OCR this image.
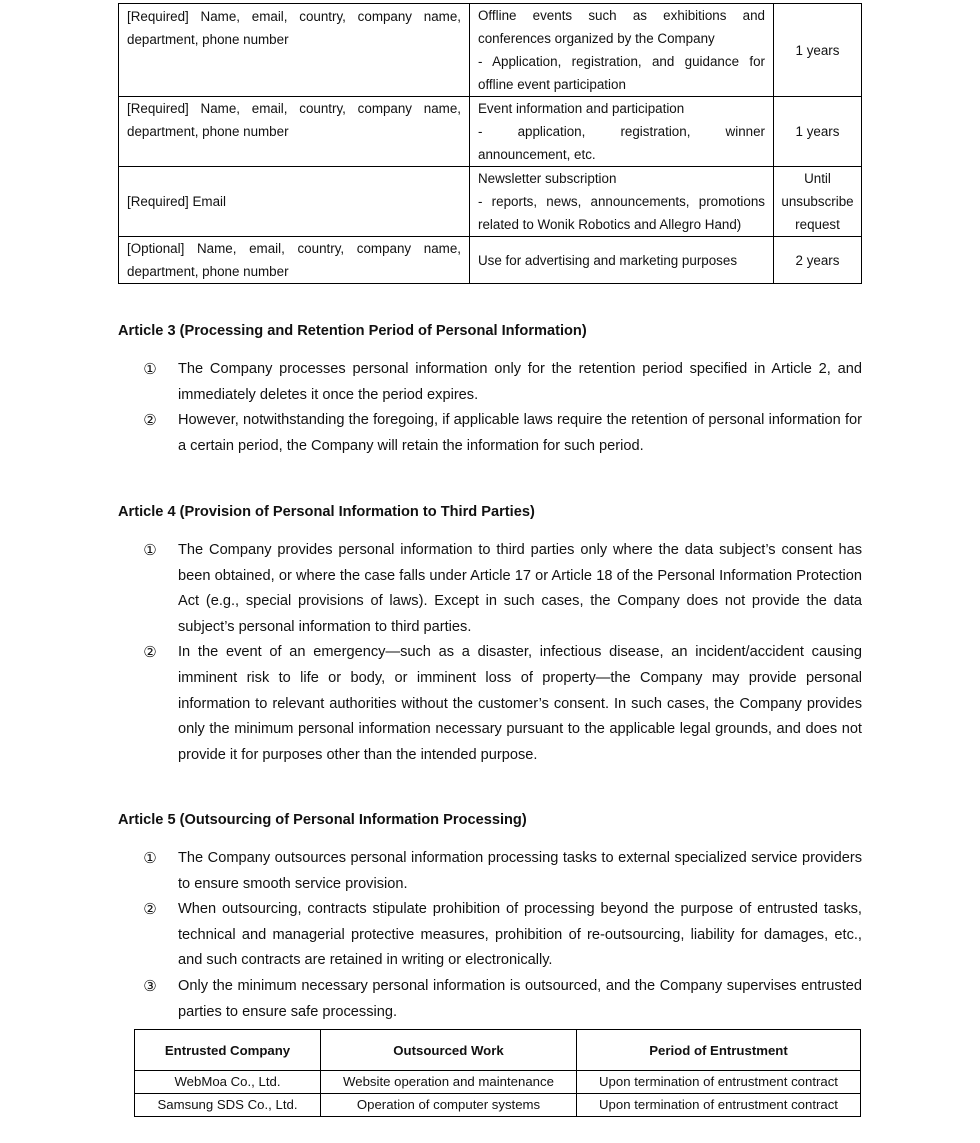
[Required] Name, email, country, company name, department, phone number	Offline events such as exhibitions and
conferences organized by the Company
- Application, registration, and guidance for
offline event participation	1 years
[Required] Name, email, country, company name, department, phone number	Event information and participation
- application, registration, winner
announcement, etc.	1 years
[Required] Email	Newsletter subscription
- reports, news, announcements, promotions
related to Wonik Robotics and Allegro Hand)	Until
unsubscribe
request

[Optional] Name, email, country, company name, department, phone number	Use for advertising and marketing purposes	2 years
Article 3 (Processing and Retention Period of Personal Information)
① The Company processes personal information only for the retention period specified in Article 2, and immediately deletes it once the period expires.
② However, notwithstanding the foregoing, if applicable laws require the retention of personal information for a certain period, the Company will retain the information for such period.
Article 4 (Provision of Personal Information to Third Parties)
① The Company provides personal information to third parties only where the data subject’s consent has been obtained, or where the case falls under Article 17 or Article 18 of the Personal Information Protection Act (e.g., special provisions of laws). Except in such cases, the Company does not provide the data subject’s personal information to third parties.
② In the event of an emergency—such as a disaster, infectious disease, an incident/accident causing imminent risk to life or body, or imminent loss of property—the Company may provide personal information to relevant authorities without the customer’s consent. In such cases, the Company provides only the minimum personal information necessary pursuant to the applicable legal grounds, and does not provide it for purposes other than the intended purpose.
Article 5 (Outsourcing of Personal Information Processing)
① The Company outsources personal information processing tasks to external specialized service providers to ensure smooth service provision.
② When outsourcing, contracts stipulate prohibition of processing beyond the purpose of entrusted tasks, technical and managerial protective measures, prohibition of re-outsourcing, liability for damages, etc., and such contracts are retained in writing or electronically.
③ Only the minimum necessary personal information is outsourced, and the Company supervises entrusted parties to ensure safe processing.
Entrusted Company	Outsourced Work	Period of Entrustment
WebMoa Co., Ltd.	Website operation and maintenance	Upon termination of entrustment contract
Samsung SDS Co., Ltd.	Operation of computer systems	Upon termination of entrustment contract
